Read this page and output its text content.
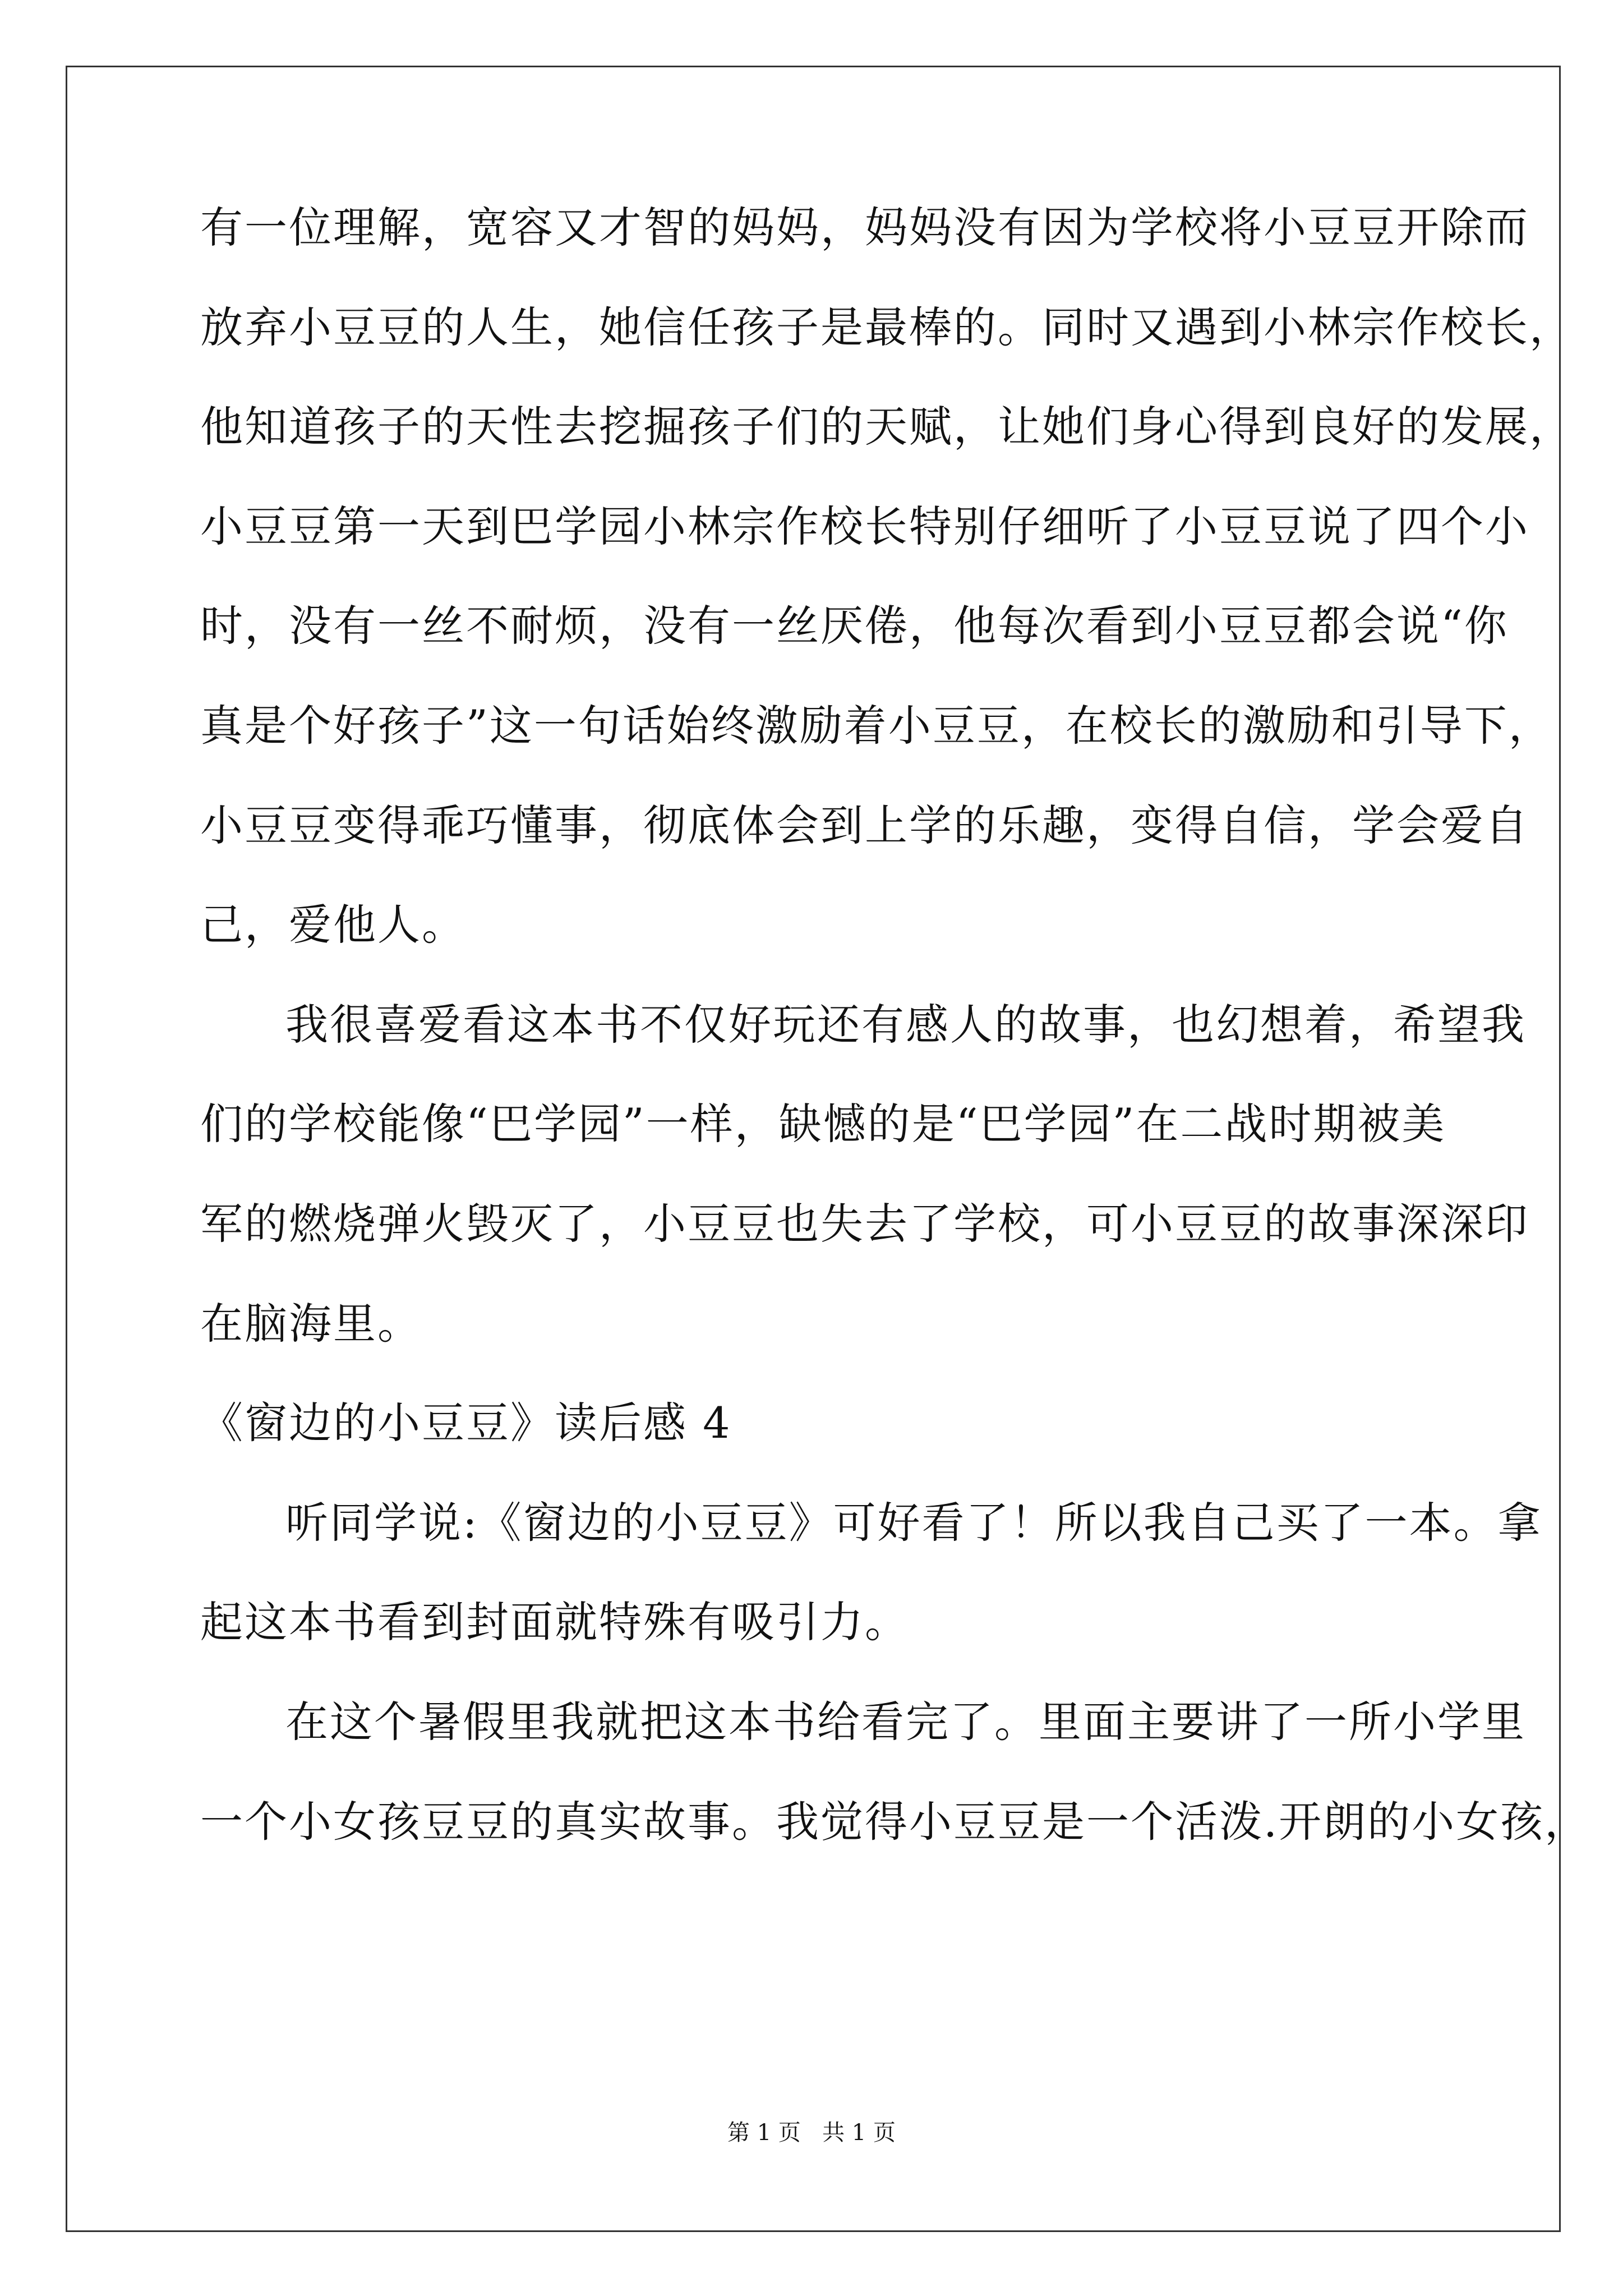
有一位理解，宽容又才智的妈妈，妈妈没有因为学校将小豆豆开除而
放弃小豆豆的人生，她信任孩子是最棒的。同时又遇到小林宗作校长，
他知道孩子的天性去挖掘孩子们的天赋，让她们身心得到良好的发展，
小豆豆第一天到巴学园小林宗作校长特别仔细听了小豆豆说了四个小
时，没有一丝不耐烦，没有一丝厌倦，他每次看到小豆豆都会说“你
真是个好孩子”这一句话始终激励着小豆豆，在校长的激励和引导下，
小豆豆变得乖巧懂事，彻底体会到上学的乐趣，变得自信，学会爱自
己，爱他人。
我很喜爱看这本书不仅好玩还有感人的故事，也幻想着，希望我
们的学校能像“巴学园”一样，缺憾的是“巴学园”在二战时期被美
军的燃烧弹火毁灭了，小豆豆也失去了学校，可小豆豆的故事深深印
在脑海里。
《窗边的小豆豆》读后感 4
听同学说:《窗边的小豆豆》可好看了！所以我自己买了一本。拿
起这本书看到封面就特殊有吸引力。
在这个暑假里我就把这本书给看完了。里面主要讲了一所小学里
一个小女孩豆豆的真实故事。我觉得小豆豆是一个活泼.开朗的小女孩，
第 1 页   共 1 页
